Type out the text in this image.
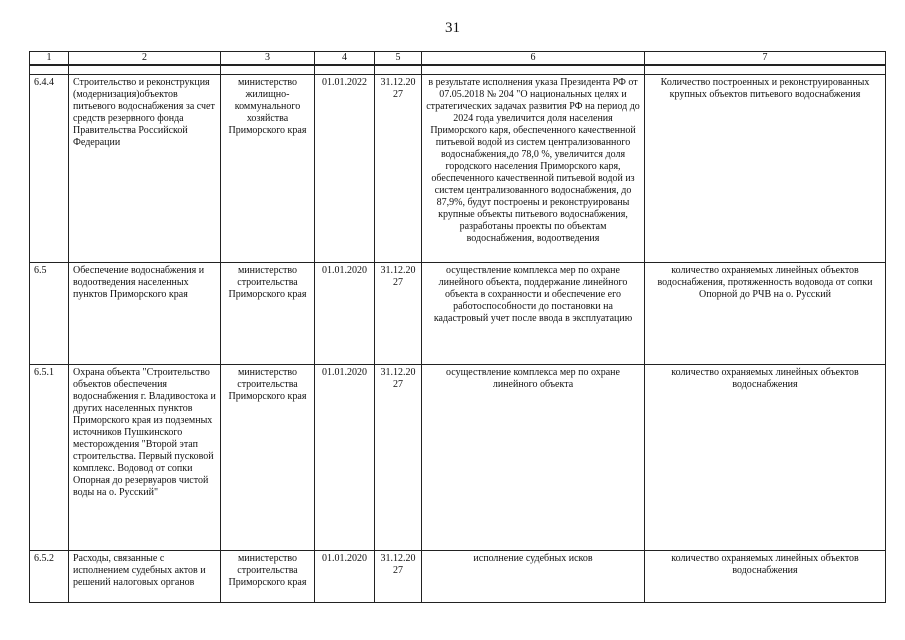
31
1	2	3	4	5	6	7

6.4.4	Строительство и реконструкция (модернизация)объектов питьевого водоснабжения за счет средств резервного фонда Правительства Российской Федерации	министерство жилищно-коммунального хозяйства Приморского края	01.01.2022	31.12.2027	в результате исполнения указа Президента РФ от 07.05.2018 № 204 "О национальных целях и стратегических задачах развития РФ на период до 2024 года увеличится доля населения Приморского каря, обеспеченного качественной питьевой водой из систем централизованного водоснабжения,до 78,0 %, увеличится доля городского населения Приморского каря, обеспеченного качественной питьевой водой из систем централизованного водоснабжения, до 87,9%, будут построены и реконструированы крупные объекты питьевого водоснабжения, разработаны проекты по объектам водоснабжения, водоотведения	Количество построенных и реконструированных крупных объектов питьевого водоснабжения
6.5	Обеспечение водоснабжения и водоотведения населенных пунктов Приморского края	министерство строительства Приморского края	01.01.2020	31.12.2027	осуществление комплекса мер по охране линейного объекта, поддержание линейного объекта в сохранности и обеспечение его работоспособности до постановки на кадастровый учет после ввода в эксплуатацию	количество охраняемых линейных объектов водоснабжения, протяженность водовода от сопки Опорной до РЧВ на о. Русский
6.5.1	Охрана объекта "Строительство объектов обеспечения водоснабжения г. Владивостока и других населенных пунктов Приморского края из подземных источников Пушкинского месторождения "Второй этап строительства. Первый пусковой комплекс. Водовод от сопки Опорная до резервуаров чистой воды на о. Русский"	министерство строительства Приморского края	01.01.2020	31.12.2027	осуществление комплекса мер по охране линейного объекта	количество охраняемых линейных объектов водоснабжения
6.5.2	Расходы, связанные с исполнением судебных актов и решений налоговых органов	министерство строительства Приморского края	01.01.2020	31.12.2027	исполнение судебных исков	количество охраняемых линейных объектов водоснабжения
